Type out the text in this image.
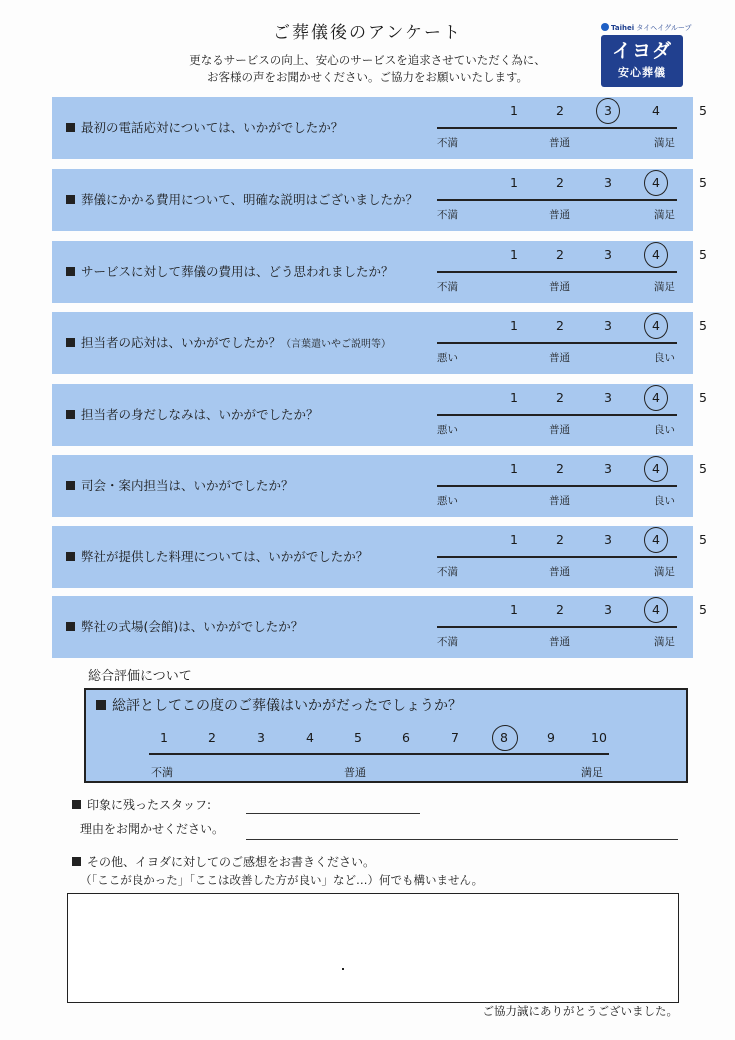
ご葬儀後のアンケート
更なるサービスの向上、安心のサービスを追求させていただく為に、
お客様の声をお聞かせください。ご協力をお願いいたします。
Taihei タイヘイグループ
イヨダ
安心葬儀
最初の電話応対については、いかがでしたか？
1	2	3	4	5
不満	普通	満足
葬儀にかかる費用について、明確な説明はございましたか？
1	2	3	4	5
不満	普通	満足
サービスに対して葬儀の費用は、どう思われましたか？
1	2	3	4	5
不満	普通	満足
担当者の応対は、いかがでしたか？（言葉遣いやご説明等）
1	2	3	4	5
悪い	普通	良い
担当者の身だしなみは、いかがでしたか？
1	2	3	4	5
悪い	普通	良い
司会・案内担当は、いかがでしたか？
1	2	3	4	5
悪い	普通	良い
弊社が提供した料理については、いかがでしたか？
1	2	3	4	5
不満	普通	満足
弊社の式場(会館)は、いかがでしたか？
1	2	3	4	5
不満	普通	満足
総合評価について
総評としてこの度のご葬儀はいかがだったでしょうか？
1	2	3	4	5	6	7	8	9	10
不満	普通	満足
印象に残ったスタッフ:
理由をお聞かせください。
その他、イヨダに対してのご感想をお書きください。
（「ここが良かった」「ここは改善した方が良い」など…）何でも構いません。
ご協力誠にありがとうございました。
